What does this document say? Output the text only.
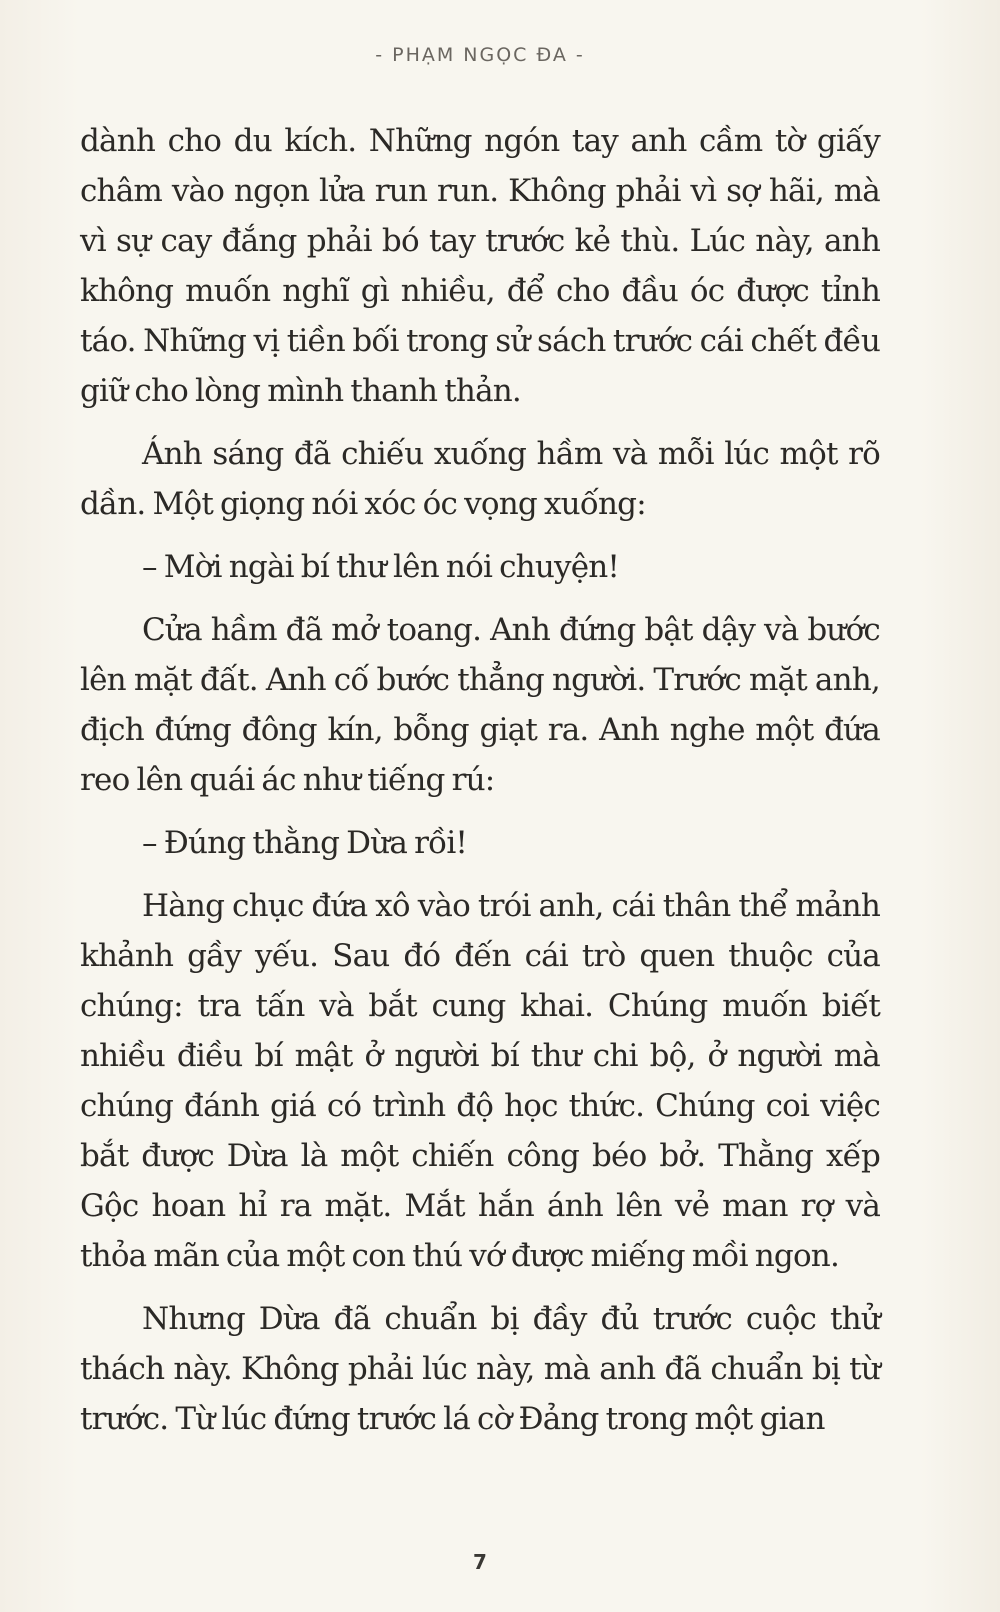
- PHẠM NGỌC ĐA -

dành cho du kích. Những ngón tay anh cầm tờ giấy châm vào ngọn lửa run run. Không phải vì sợ hãi, mà vì sự cay đắng phải bó tay trước kẻ thù. Lúc này, anh không muốn nghĩ gì nhiều, để cho đầu óc được tỉnh táo. Những vị tiền bối trong sử sách trước cái chết đều giữ cho lòng mình thanh thản.

Ánh sáng đã chiếu xuống hầm và mỗi lúc một rõ dần. Một giọng nói xóc óc vọng xuống:

– Mời ngài bí thư lên nói chuyện!

Cửa hầm đã mở toang. Anh đứng bật dậy và bước lên mặt đất. Anh cố bước thẳng người. Trước mặt anh, địch đứng đông kín, bỗng giạt ra. Anh nghe một đứa reo lên quái ác như tiếng rú:

– Đúng thằng Dừa rồi!

Hàng chục đứa xô vào trói anh, cái thân thể mảnh khảnh gầy yếu. Sau đó đến cái trò quen thuộc của chúng: tra tấn và bắt cung khai. Chúng muốn biết nhiều điều bí mật ở người bí thư chi bộ, ở người mà chúng đánh giá có trình độ học thức. Chúng coi việc bắt được Dừa là một chiến công béo bở. Thằng xếp Gộc hoan hỉ ra mặt. Mắt hắn ánh lên vẻ man rợ và thỏa mãn của một con thú vớ được miếng mồi ngon.

Nhưng Dừa đã chuẩn bị đầy đủ trước cuộc thử thách này. Không phải lúc này, mà anh đã chuẩn bị từ trước. Từ lúc đứng trước lá cờ Đảng trong một gian

7
